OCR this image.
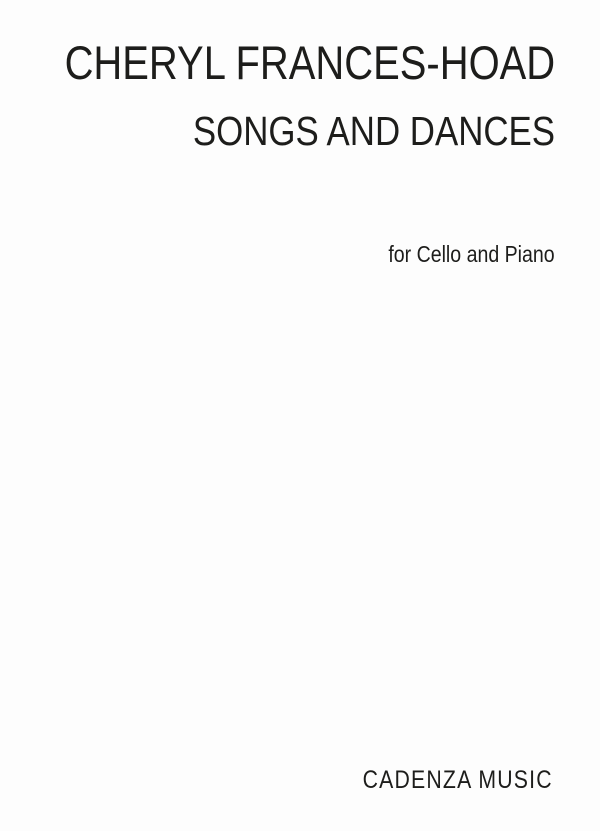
CHERYL FRANCES-HOAD
SONGS AND DANCES
for Cello and Piano
CADENZA MUSIC
